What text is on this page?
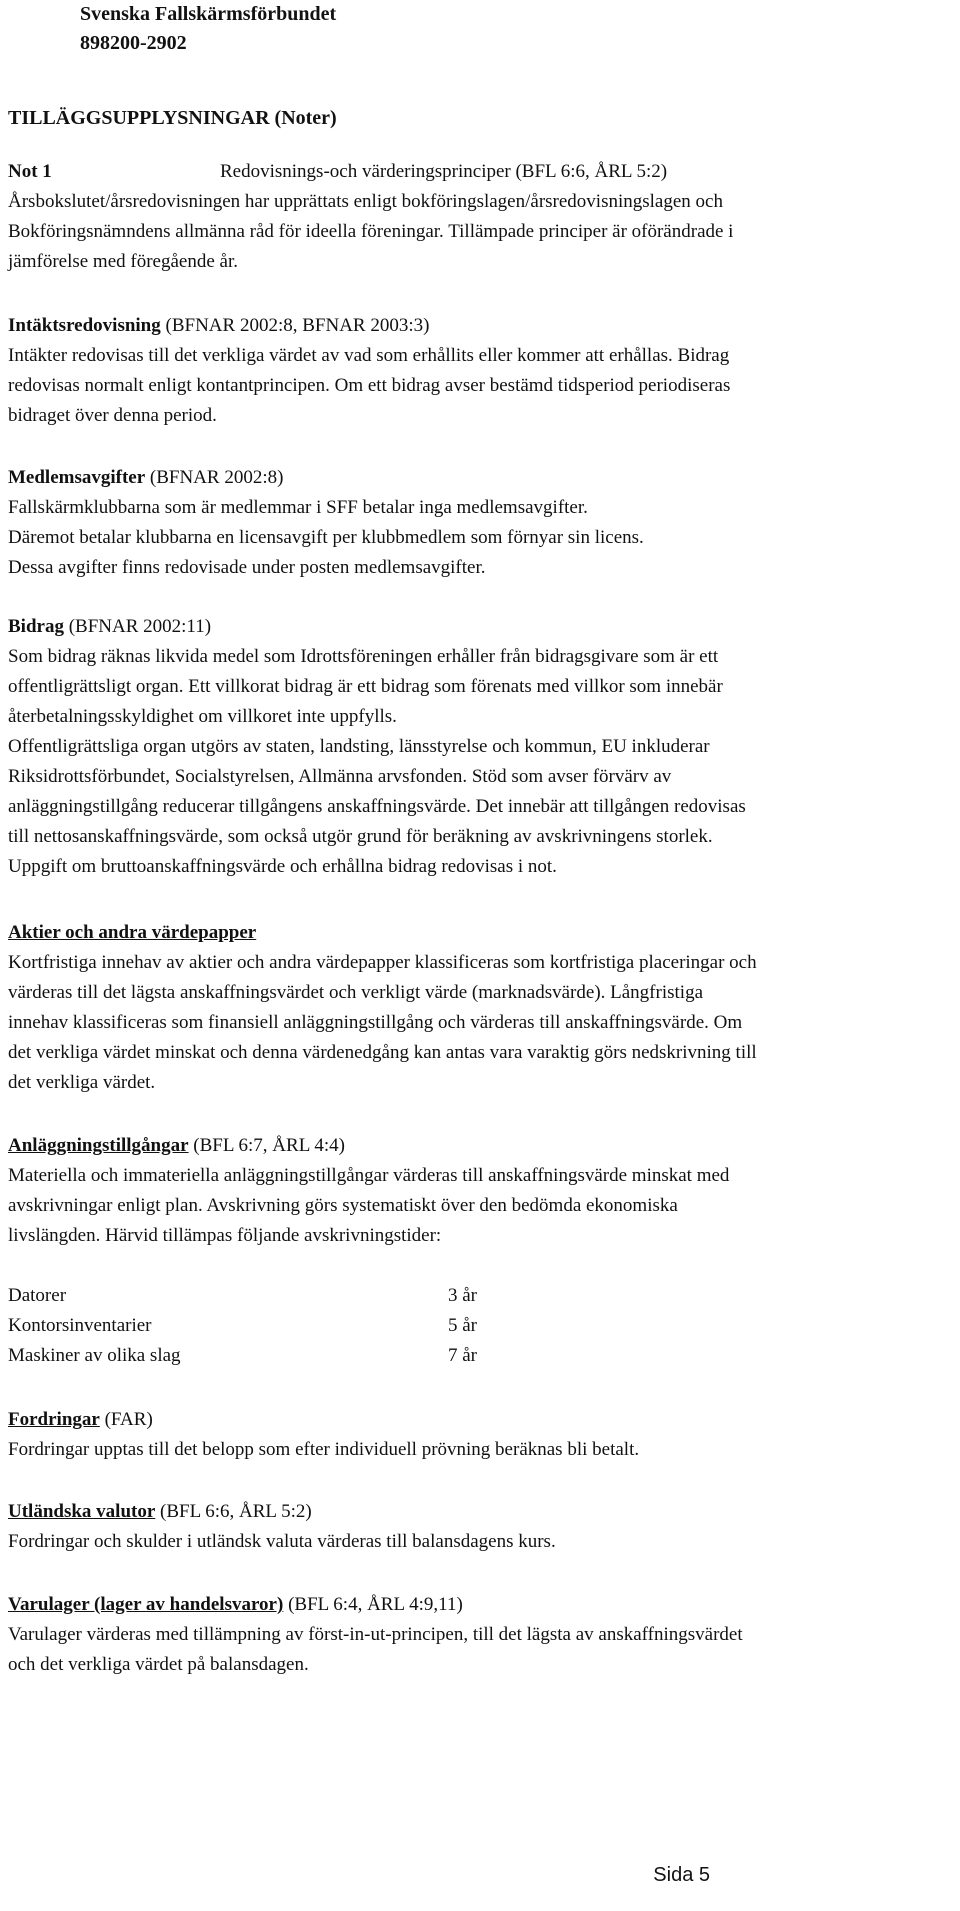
Svenska Fallskärmsförbundet
898200-2902
TILLÄGGSUPPLYSNINGAR (Noter)
Not 1	Redovisnings-och värderingsprinciper (BFL 6:6, ÅRL 5:2)

Årsbokslutet/årsredovisningen har upprättats enligt bokföringslagen/årsredovisningslagen och

Bokföringsnämndens allmänna råd för ideella föreningar. Tillämpade principer är oförändrade i

jämförelse med föregående år.

Intäktsredovisning (BFNAR 2002:8, BFNAR 2003:3)

Intäkter redovisas till det verkliga värdet av vad som erhållits eller kommer att erhållas. Bidrag

redovisas normalt enligt kontantprincipen. Om ett bidrag avser bestämd tidsperiod periodiseras

bidraget över denna period.

Medlemsavgifter (BFNAR 2002:8)

Fallskärmklubbarna som är medlemmar i SFF betalar inga medlemsavgifter.

Däremot betalar klubbarna en licensavgift per klubbmedlem som förnyar sin licens.

Dessa avgifter finns redovisade under posten medlemsavgifter.

Bidrag (BFNAR 2002:11)

Som bidrag räknas likvida medel som Idrottsföreningen erhåller från bidragsgivare som är ett

offentligrättsligt organ. Ett villkorat bidrag är ett bidrag som förenats med villkor som innebär

återbetalningsskyldighet om villkoret inte uppfylls.

Offentligrättsliga organ utgörs av staten, landsting, länsstyrelse och kommun, EU inkluderar

Riksidrottsförbundet, Socialstyrelsen, Allmänna arvsfonden. Stöd som avser förvärv av

anläggningstillgång reducerar tillgångens anskaffningsvärde. Det innebär att tillgången redovisas

till nettosanskaffningsvärde, som också utgör grund för beräkning av avskrivningens storlek.

Uppgift om bruttoanskaffningsvärde och erhållna bidrag redovisas i not.

Aktier och andra värdepapper

Kortfristiga innehav av aktier och andra värdepapper klassificeras som kortfristiga placeringar och

värderas till det lägsta anskaffningsvärdet och verkligt värde (marknadsvärde). Långfristiga

innehav klassificeras som finansiell anläggningstillgång och värderas till anskaffningsvärde. Om

det verkliga värdet minskat och denna värdenedgång kan antas vara varaktig görs nedskrivning till

det verkliga värdet.

Anläggningstillgångar (BFL 6:7, ÅRL 4:4)

Materiella och immateriella anläggningstillgångar värderas till anskaffningsvärde minskat med

avskrivningar enligt plan. Avskrivning görs systematiskt över den bedömda ekonomiska

livslängden. Härvid tillämpas följande avskrivningstider:

Datorer	3 år
Kontorsinventarier	5 år
Maskiner av olika slag	7 år

Fordringar (FAR)

Fordringar upptas till det belopp som efter individuell prövning beräknas bli betalt.

Utländska valutor (BFL 6:6, ÅRL 5:2)

Fordringar och skulder i utländsk valuta värderas till balansdagens kurs.

Varulager (lager av handelsvaror) (BFL 6:4, ÅRL 4:9,11)

Varulager värderas med tillämpning av först-in-ut-principen, till det lägsta av anskaffningsvärdet

och det verkliga värdet på balansdagen.

Sida 5
